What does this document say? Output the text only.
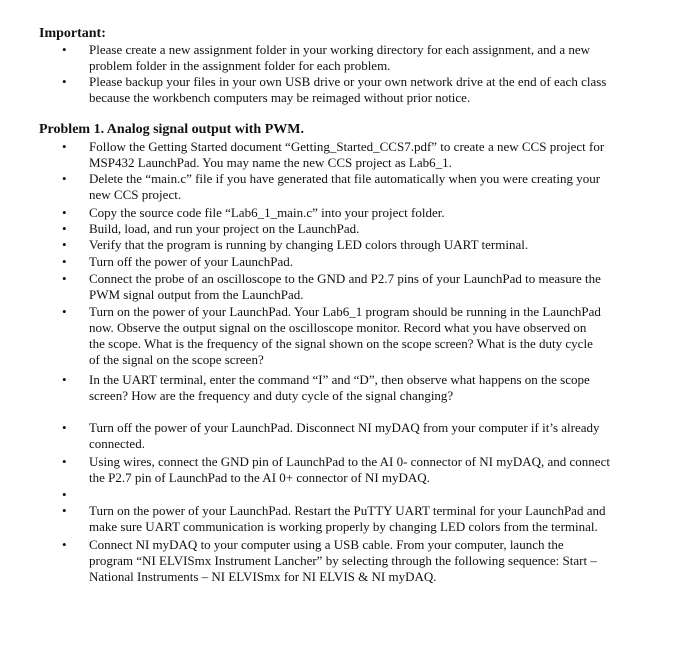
Important:
• Please create a new assignment folder in your working directory for each assignment, and a new
problem folder in the assignment folder for each problem.
• Please backup your files in your own USB drive or your own network drive at the end of each class
because the workbench computers may be reimaged without prior notice.
Problem 1. Analog signal output with PWM.
• Follow the Getting Started document “Getting_Started_CCS7.pdf” to create a new CCS project for
MSP432 LaunchPad. You may name the new CCS project as Lab6_1.
• Delete the “main.c” file if you have generated that file automatically when you were creating your
new CCS project.
• Copy the source code file “Lab6_1_main.c” into your project folder.
• Build, load, and run your project on the LaunchPad.
• Verify that the program is running by changing LED colors through UART terminal.
• Turn off the power of your LaunchPad.
• Connect the probe of an oscilloscope to the GND and P2.7 pins of your LaunchPad to measure the
PWM signal output from the LaunchPad.
• Turn on the power of your LaunchPad. Your Lab6_1 program should be running in the LaunchPad
now. Observe the output signal on the oscilloscope monitor. Record what you have observed on
the scope. What is the frequency of the signal shown on the scope screen? What is the duty cycle
of the signal on the scope screen?
• In the UART terminal, enter the command “I” and “D”, then observe what happens on the scope
screen? How are the frequency and duty cycle of the signal changing?
• Turn off the power of your LaunchPad. Disconnect NI myDAQ from your computer if it’s already
connected.
• Using wires, connect the GND pin of LaunchPad to the AI 0- connector of NI myDAQ, and connect
the P2.7 pin of LaunchPad to the AI 0+ connector of NI myDAQ.
•
• Turn on the power of your LaunchPad. Restart the PuTTY UART terminal for your LaunchPad and
make sure UART communication is working properly by changing LED colors from the terminal.
• Connect NI myDAQ to your computer using a USB cable. From your computer, launch the
program “NI ELVISmx Instrument Lancher” by selecting through the following sequence: Start –
National Instruments – NI ELVISmx for NI ELVIS & NI myDAQ.
